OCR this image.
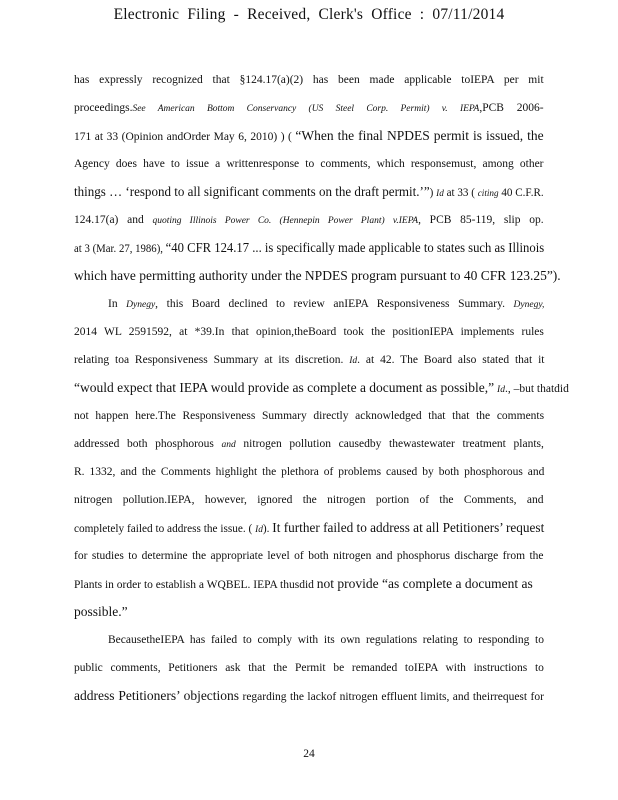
Electronic Filing - Received, Clerk's Office : 07/11/2014
has expressly recognized that §124.17(a)(2) has been made applicable toIEPA per mit
proceedings.See American Bottom Conservancy (US Steel Corp. Permit) v. IEPA,PCB 2006-
171 at 33 (Opinion andOrder May 6, 2010) ) ( “When the final NPDES permit is issued, the
Agency does have to issue a writtenresponse to comments, which responsemust, among other
things … ‘respond to all significant comments on the draft permit.’”) Id at 33 ( citing 40 C.F.R.
124.17(a) and quoting Illinois Power Co. (Hennepin Power Plant) v.IEPA, PCB 85-119, slip op.
at 3 (Mar. 27, 1986), “40 CFR 124.17 ... is specifically made applicable to states such as Illinois
which have permitting authority under the NPDES program pursuant to 40 CFR 123.25”).
In Dynegy, this Board declined to review anIEPA Responsiveness Summary. Dynegy,
2014 WL 2591592, at *39.In that opinion,theBoard took the positionIEPA implements rules
relating toa Responsiveness Summary at its discretion. Id. at 42. The Board also stated that it
“would expect that IEPA would provide as complete a document as possible,” Id., –but thatdid
not happen here.The Responsiveness Summary directly acknowledged that that the comments
addressed both phosphorous and nitrogen pollution causedby thewastewater treatment plants,
R. 1332, and the Comments highlight the plethora of problems caused by both phosphorous and
nitrogen pollution.IEPA, however, ignored the nitrogen portion of the Comments, and
completely failed to address the issue. ( Id). It further failed to address at all Petitioners’ request
for studies to determine the appropriate level of both nitrogen and phosphorus discharge from the
Plants in order to establish a WQBEL. IEPA thusdid not provide “as complete a document as
possible.”
BecausetheIEPA has failed to comply with its own regulations relating to responding to
public comments, Petitioners ask that the Permit be remanded toIEPA with instructions to
address Petitioners’ objections regarding the lackof nitrogen effluent limits, and theirrequest for
24
